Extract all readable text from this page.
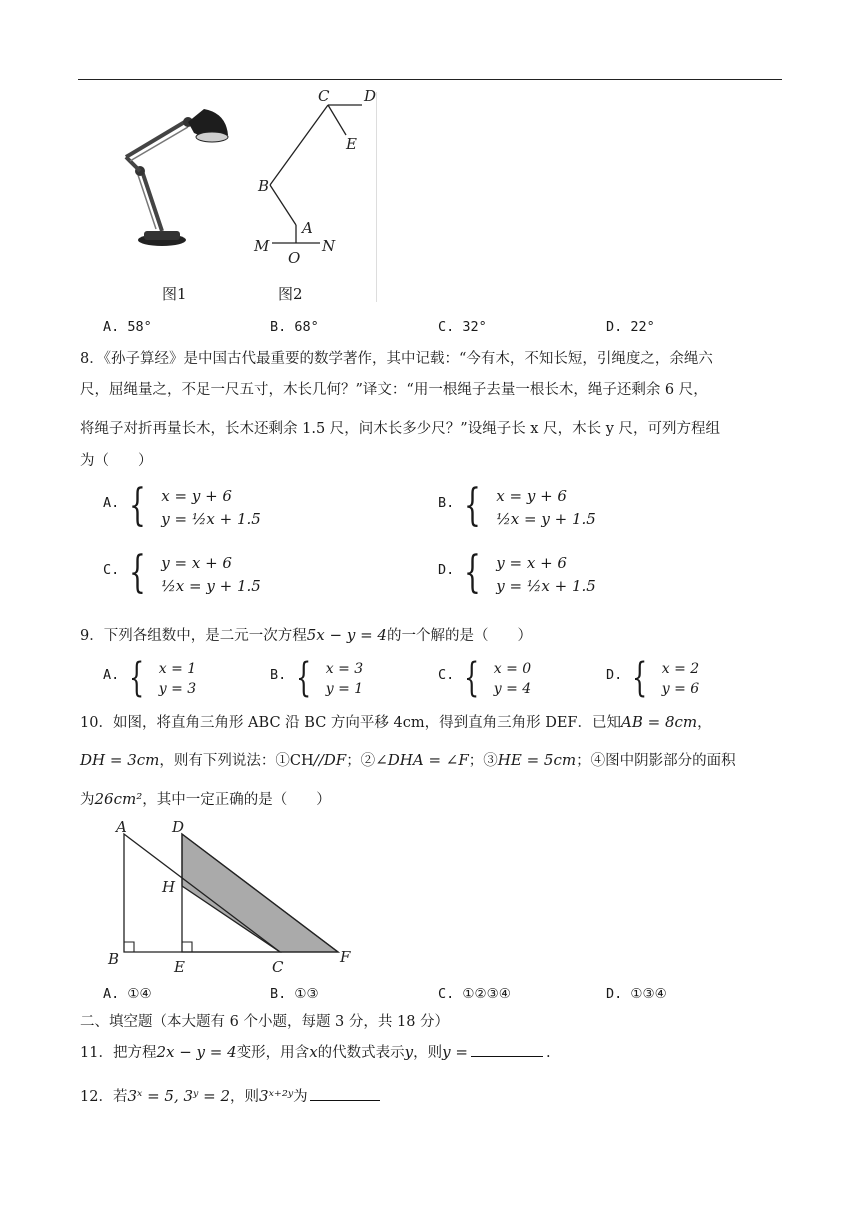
C D
E
B
A
M
O
N
图1	图2
A. 58°	B. 68°	C. 32°	D. 22°
8．《孙子算经》是中国古代最重要的数学著作，其中记载：“今有木，不知长短，引绳度之，余绳六
尺，屈绳量之，不足一尺五寸，木长几何？”译文：“用一根绳子去量一根长木，绳子还剩余 6 尺，
将绳子对折再量长木，长木还剩余 1.5 尺，问木长多少尺？”设绳子长 x 尺，木长 y 尺，可列方程组
为（　　）
A. { x = y + 6
y = ½x + 1.5
B. { x = y + 6
½x = y + 1.5
C. { y = x + 6
½x = y + 1.5
D. { y = x + 6
y = ½x + 1.5
9．下列各组数中，是二元一次方程5x − y = 4的一个解的是（　　）
A. { x = 1
y = 3
B. { x = 3
y = 1
C. { x = 0
y = 4
D. { x = 2
y = 6
10．如图，将直角三角形 ABC 沿 BC 方向平移 4cm，得到直角三角形 DEF．已知AB = 8cm，
DH = 3cm，则有下列说法：①CH//DF；②∠DHA = ∠F；③HE = 5cm；④图中阴影部分的面积
为26cm²，其中一定正确的是（　　）
A	D
H
B	E	C
F
A. ①④	B. ①③	C. ①②③④	D. ①③④
二、填空题（本大题有 6 个小题，每题 3 分，共 18 分）
11．把方程2x − y = 4变形，用含x的代数式表示y，则y =	.
12．若3ˣ = 5, 3ʸ = 2，则3ˣ⁺²ʸ为
